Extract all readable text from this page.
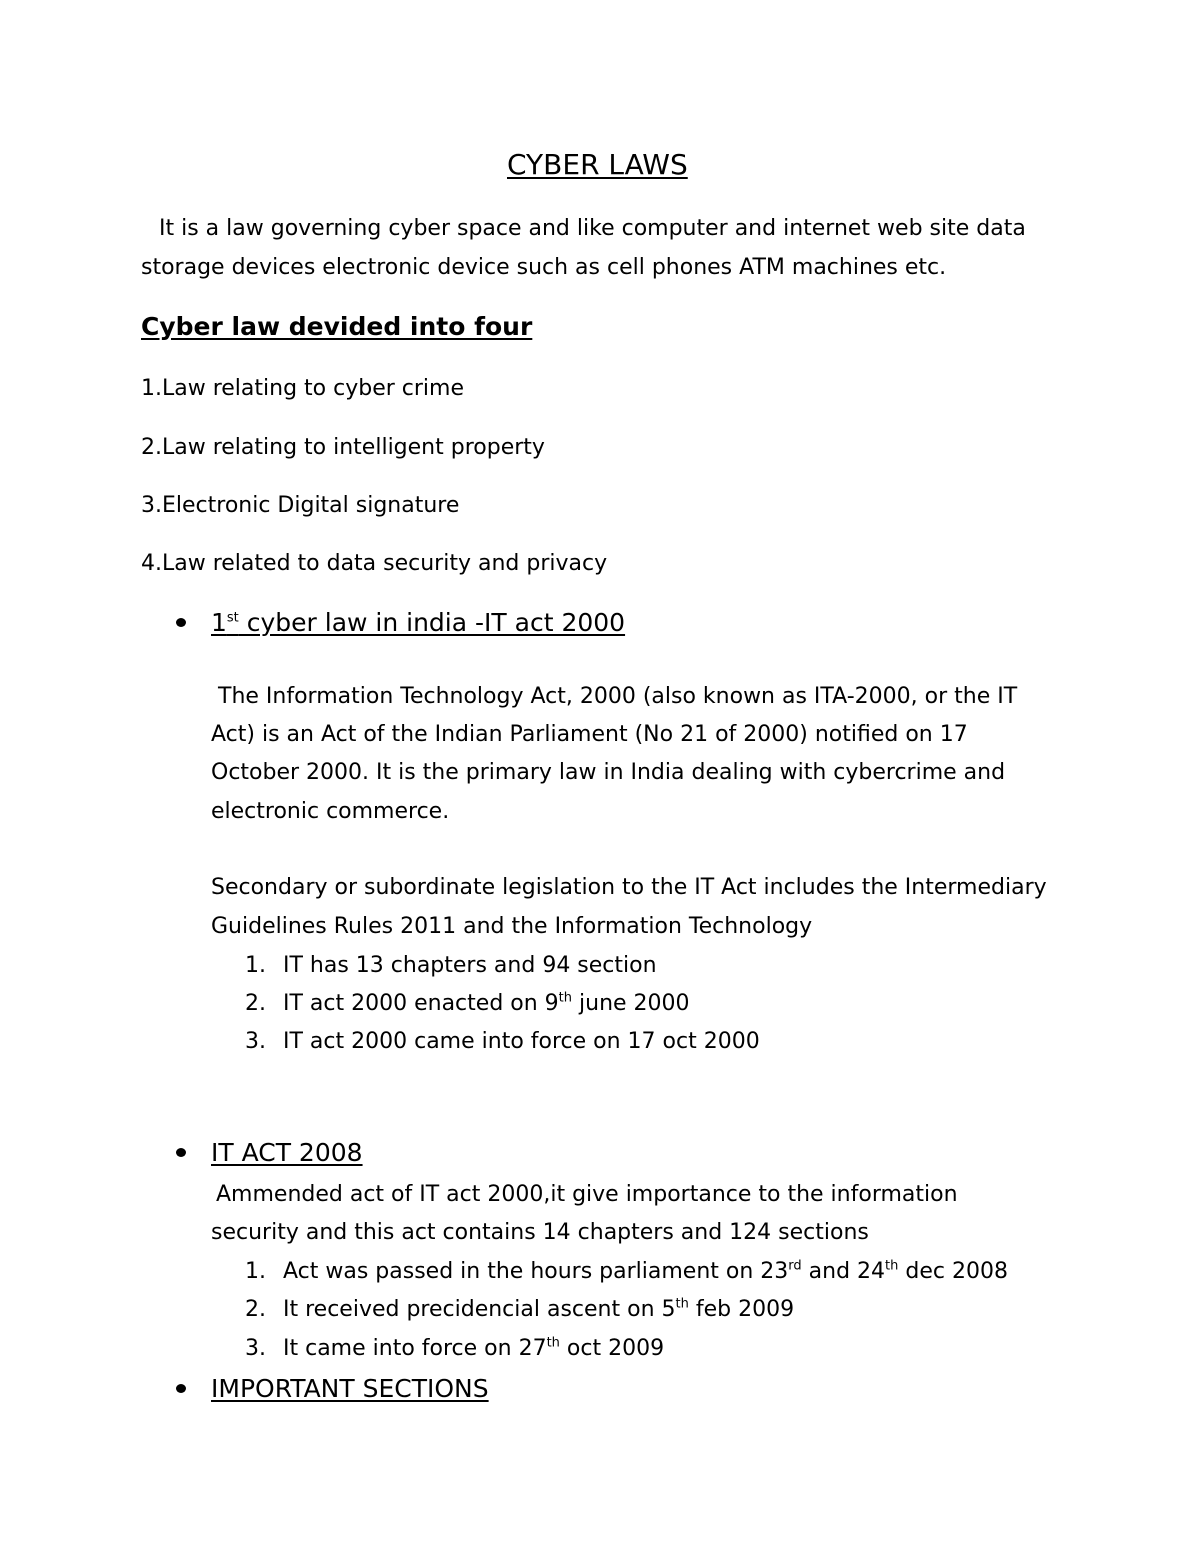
CYBER LAWS
It is a law governing cyber space and like computer and internet web site data
storage devices electronic device such as cell phones ATM machines etc.
Cyber law devided into four
1.Law relating to cyber crime
2.Law relating to intelligent property
3.Electronic Digital signature
4.Law related to data security and privacy
1st cyber law in india -IT act 2000
The Information Technology Act, 2000 (also known as ITA-2000, or the IT
Act) is an Act of the Indian Parliament (No 21 of 2000) notified on 17
October 2000. It is the primary law in India dealing with cybercrime and
electronic commerce.
Secondary or subordinate legislation to the IT Act includes the Intermediary
Guidelines Rules 2011 and the Information Technology
1. IT has 13 chapters and 94 section
2. IT act 2000 enacted on 9th june 2000
3. IT act 2000 came into force on 17 oct 2000
IT ACT 2008
Ammended act of IT act 2000,it give importance to the information
security and this act contains 14 chapters and 124 sections
1. Act was passed in the hours parliament on 23rd and 24th dec 2008
2. It received precidencial ascent on 5th feb 2009
3. It came into force on 27th oct 2009
IMPORTANT SECTIONS
